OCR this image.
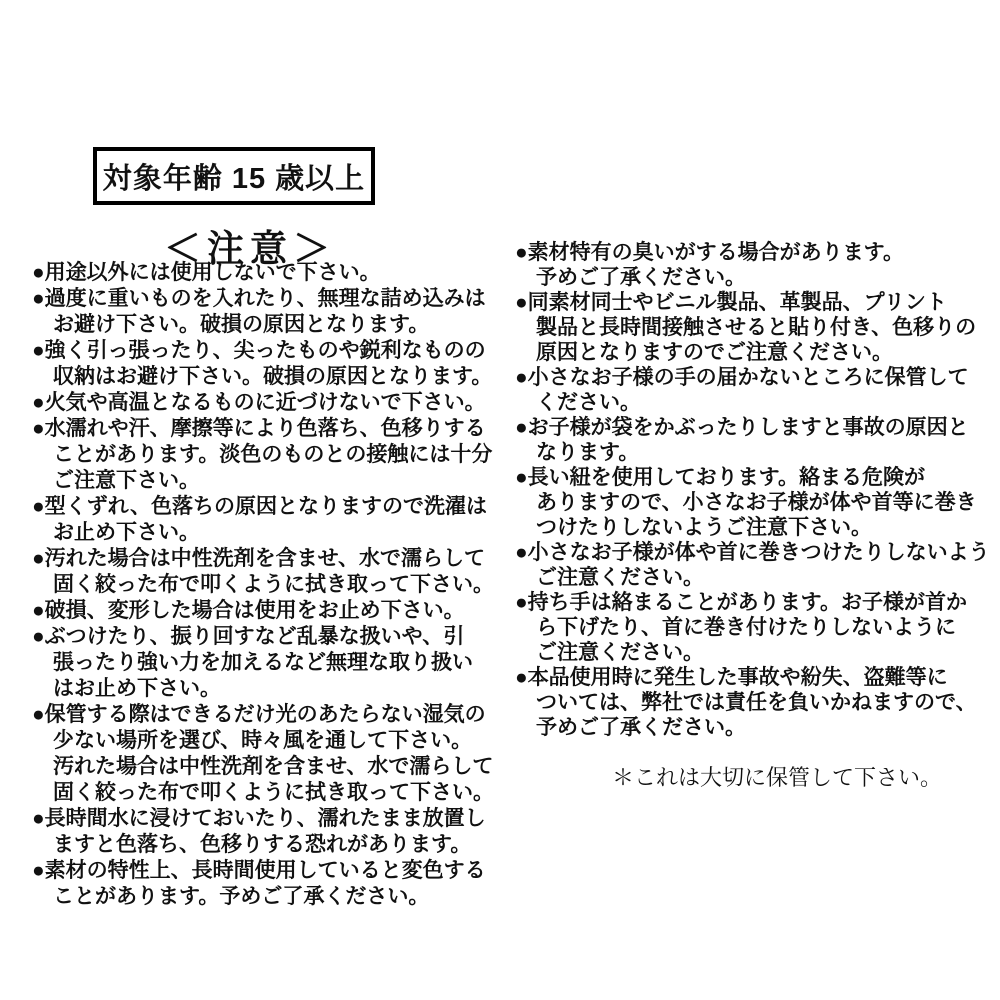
対象年齢 15 歳以上
＜注意＞
●用途以外には使用しないで下さい。
●過度に重いものを入れたり、無理な詰め込みは
お避け下さい。破損の原因となります。
●強く引っ張ったり、尖ったものや鋭利なものの
収納はお避け下さい。破損の原因となります。
●火気や高温となるものに近づけないで下さい。
●水濡れや汗、摩擦等により色落ち、色移りする
ことがあります。淡色のものとの接触には十分
ご注意下さい。
●型くずれ、色落ちの原因となりますので洗濯は
お止め下さい。
●汚れた場合は中性洗剤を含ませ、水で濡らして
固く絞った布で叩くように拭き取って下さい。
●破損、変形した場合は使用をお止め下さい。
●ぶつけたり、振り回すなど乱暴な扱いや、引
張ったり強い力を加えるなど無理な取り扱い
はお止め下さい。
●保管する際はできるだけ光のあたらない湿気の
少ない場所を選び、時々風を通して下さい。
汚れた場合は中性洗剤を含ませ、水で濡らして
固く絞った布で叩くように拭き取って下さい。
●長時間水に浸けておいたり、濡れたまま放置し
ますと色落ち、色移りする恐れがあります。
●素材の特性上、長時間使用していると変色する
ことがあります。予めご了承ください。
●素材特有の臭いがする場合があります。
予めご了承ください。
●同素材同士やビニル製品、革製品、プリント
製品と長時間接触させると貼り付き、色移りの
原因となりますのでご注意ください。
●小さなお子様の手の届かないところに保管して
ください。
●お子様が袋をかぶったりしますと事故の原因と
なります。
●長い紐を使用しております。絡まる危険が
ありますので、小さなお子様が体や首等に巻き
つけたりしないようご注意下さい。
●小さなお子様が体や首に巻きつけたりしないよう
ご注意ください。
●持ち手は絡まることがあります。お子様が首か
ら下げたり、首に巻き付けたりしないように
ご注意ください。
●本品使用時に発生した事故や紛失、盗難等に
ついては、弊社では責任を負いかねますので、
予めご了承ください。
＊これは大切に保管して下さい。
